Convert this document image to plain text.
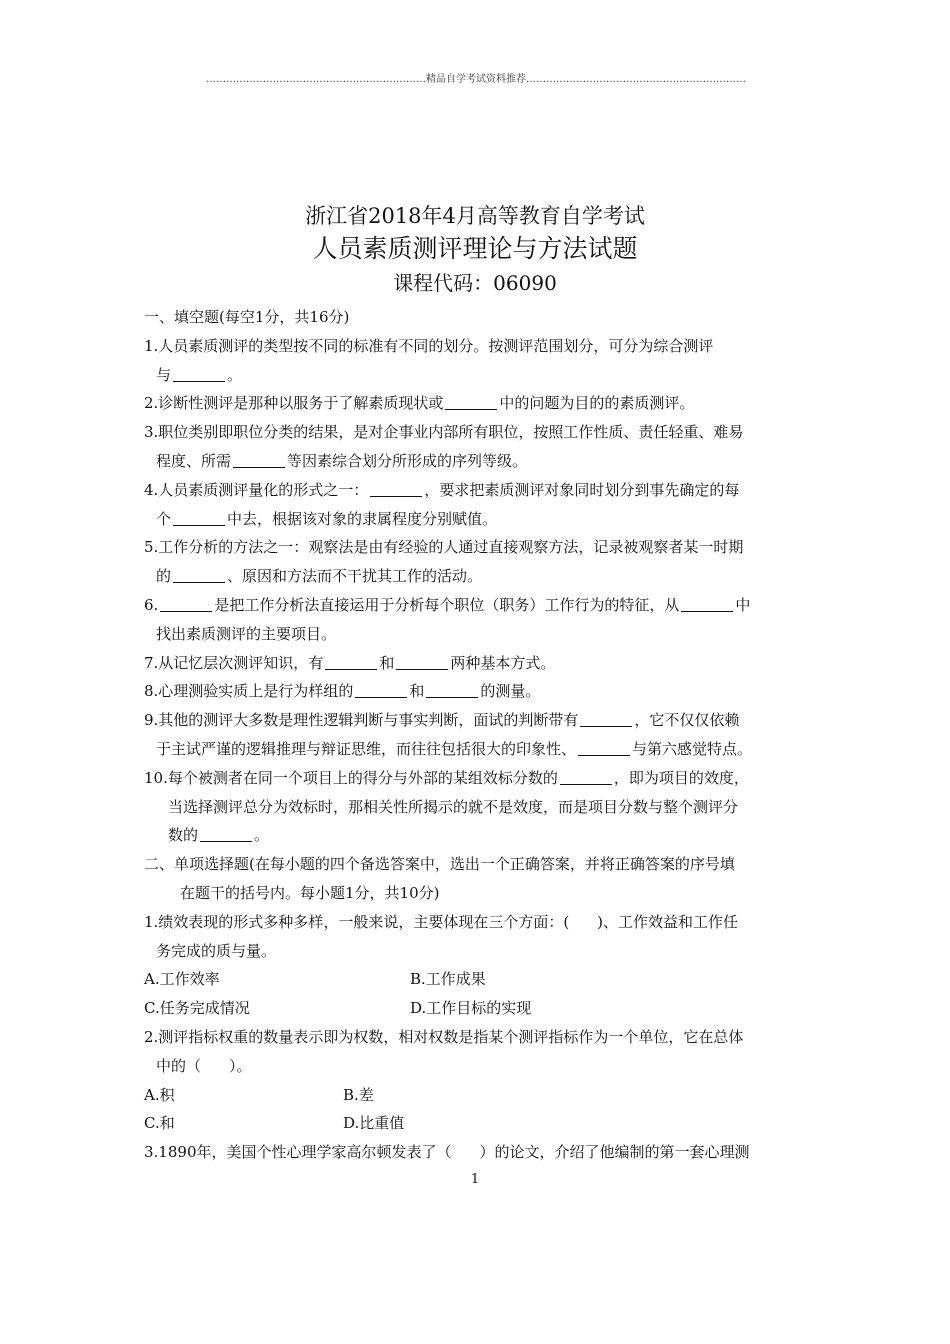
…………………………………………………………精品自学考试资料推荐…………………………………………………………
浙江省2018年4月高等教育自学考试
人员素质测评理论与方法试题
课程代码：06090
一、填空题(每空1分，共16分)
1.人员素质测评的类型按不同的标准有不同的划分。按测评范围划分，可分为综合测评
与	。
2.诊断性测评是那种以服务于了解素质现状或	中的问题为目的的素质测评。
3.职位类别即职位分类的结果，是对企事业内部所有职位，按照工作性质、责任轻重、难易
程度、所需	等因素综合划分所形成的序列等级。
4.人员素质测评量化的形式之一：	，要求把素质测评对象同时划分到事先确定的每
个	中去，根据该对象的隶属程度分别赋值。
5.工作分析的方法之一：观察法是由有经验的人通过直接观察方法，记录被观察者某一时期
的	、原因和方法而不干扰其工作的活动。
6.	是把工作分析法直接运用于分析每个职位（职务）工作行为的特征，从	中
找出素质测评的主要项目。
7.从记忆层次测评知识，有	和	两种基本方式。
8.心理测验实质上是行为样组的	和	的测量。
9.其他的测评大多数是理性逻辑判断与事实判断，面试的判断带有	，它不仅仅依赖
于主试严谨的逻辑推理与辩证思维，而往往包括很大的印象性、	与第六感觉特点。
10.每个被测者在同一个项目上的得分与外部的某组效标分数的	，即为项目的效度，
当选择测评总分为效标时，那相关性所揭示的就不是效度，而是项目分数与整个测评分
数的	。
二、单项选择题(在每小题的四个备选答案中，选出一个正确答案，并将正确答案的序号填
在题干的括号内。每小题1分，共10分)
1.绩效表现的形式多种多样，一般来说，主要体现在三个方面：( )、工作效益和工作任
务完成的质与量。
A.工作效率	B.工作成果
C.任务完成情况	D.工作目标的实现
2.测评指标权重的数量表示即为权数，相对权数是指某个测评指标作为一个单位，它在总体
中的（ ）。
A.积	B.差
C.和	D.比重值
3.1890年，美国个性心理学家高尔顿发表了（ ）的论文，介绍了他编制的第一套心理测
1
